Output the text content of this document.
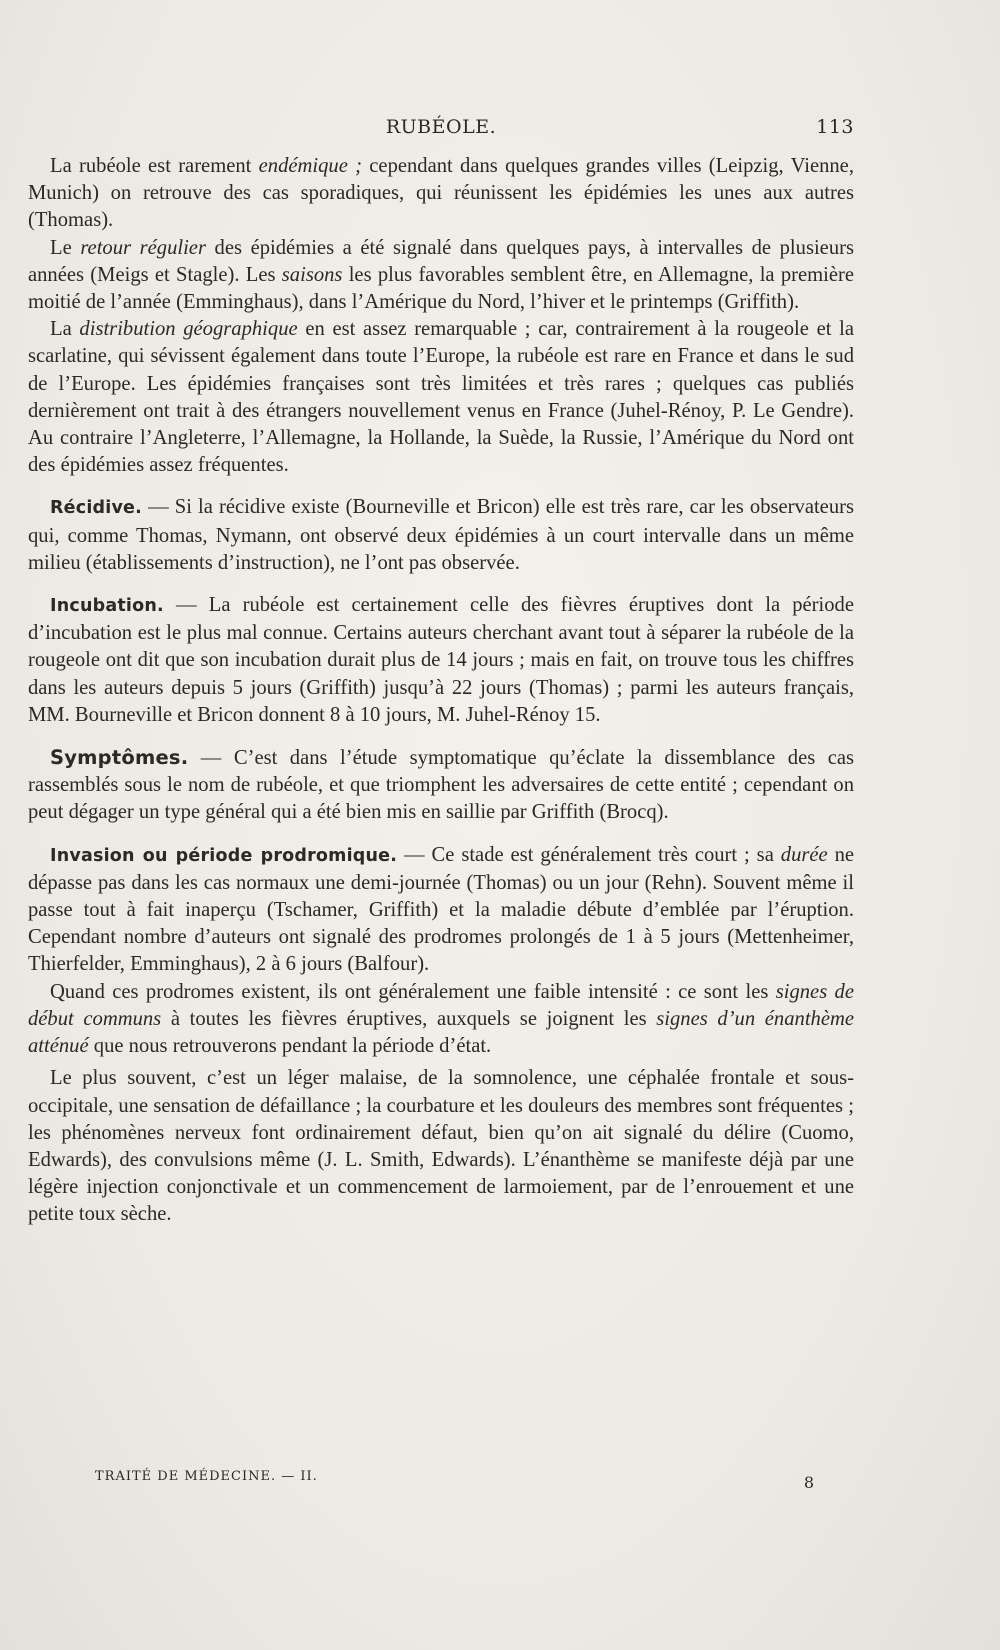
RUBÉOLE.	113

La rubéole est rarement endémique ; cependant dans quelques grandes villes (Leipzig, Vienne, Munich) on retrouve des cas sporadiques, qui réunissent les épidémies les unes aux autres (Thomas).

Le retour régulier des épidémies a été signalé dans quelques pays, à intervalles de plusieurs années (Meigs et Stagle). Les saisons les plus favorables semblent être, en Allemagne, la première moitié de l’année (Emminghaus), dans l’Amérique du Nord, l’hiver et le printemps (Griffith).

La distribution géographique en est assez remarquable ; car, contrairement à la rougeole et la scarlatine, qui sévissent également dans toute l’Europe, la rubéole est rare en France et dans le sud de l’Europe. Les épidémies françaises sont très limitées et très rares ; quelques cas publiés dernièrement ont trait à des étrangers nouvellement venus en France (Juhel-Rénoy, P. Le Gendre). Au contraire l’Angleterre, l’Allemagne, la Hollande, la Suède, la Russie, l’Amérique du Nord ont des épidémies assez fréquentes.

Récidive. — Si la récidive existe (Bourneville et Bricon) elle est très rare, car les observateurs qui, comme Thomas, Nymann, ont observé deux épidémies à un court intervalle dans un même milieu (établissements d’instruction), ne l’ont pas observée.

Incubation. — La rubéole est certainement celle des fièvres éruptives dont la période d’incubation est le plus mal connue. Certains auteurs cherchant avant tout à séparer la rubéole de la rougeole ont dit que son incubation durait plus de 14 jours ; mais en fait, on trouve tous les chiffres dans les auteurs depuis 5 jours (Griffith) jusqu’à 22 jours (Thomas) ; parmi les auteurs français, MM. Bourneville et Bricon donnent 8 à 10 jours, M. Juhel-Rénoy 15.

Symptômes. — C’est dans l’étude symptomatique qu’éclate la dissemblance des cas rassemblés sous le nom de rubéole, et que triomphent les adversaires de cette entité ; cependant on peut dégager un type général qui a été bien mis en saillie par Griffith (Brocq).

Invasion ou période prodromique. — Ce stade est généralement très court ; sa durée ne dépasse pas dans les cas normaux une demi-journée (Thomas) ou un jour (Rehn). Souvent même il passe tout à fait inaperçu (Tschamer, Griffith) et la maladie débute d’emblée par l’éruption. Cependant nombre d’auteurs ont signalé des prodromes prolongés de 1 à 5 jours (Mettenheimer, Thierfelder, Emminghaus), 2 à 6 jours (Balfour).

Quand ces prodromes existent, ils ont généralement une faible intensité : ce sont les signes de début communs à toutes les fièvres éruptives, auxquels se joignent les signes d’un énanthème atténué que nous retrouverons pendant la période d’état.

Le plus souvent, c’est un léger malaise, de la somnolence, une céphalée frontale et sous-occipitale, une sensation de défaillance ; la courbature et les douleurs des membres sont fréquentes ; les phénomènes nerveux font ordinairement défaut, bien qu’on ait signalé du délire (Cuomo, Edwards), des convulsions même (J. L. Smith, Edwards). L’énanthème se manifeste déjà par une légère injection conjonctivale et un commencement de larmoiement, par de l’enrouement et une petite toux sèche.

TRAITÉ DE MÉDECINE. — II.	8
